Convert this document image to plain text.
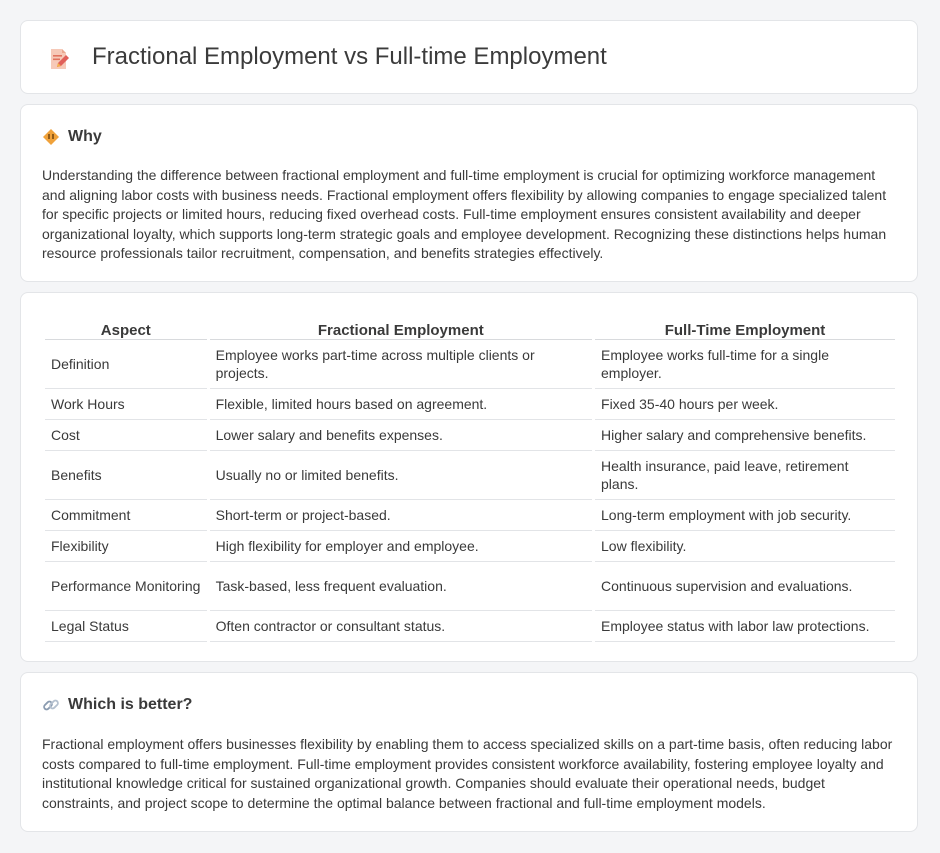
Fractional Employment vs Full-time Employment
Why

Understanding the difference between fractional employment and full-time employment is crucial for optimizing workforce management and aligning labor costs with business needs. Fractional employment offers flexibility by allowing companies to engage specialized talent for specific projects or limited hours, reducing fixed overhead costs. Full-time employment ensures consistent availability and deeper organizational loyalty, which supports long-term strategic goals and employee development. Recognizing these distinctions helps human resource professionals tailor recruitment, compensation, and benefits strategies effectively.

Aspect	Fractional Employment	Full-Time Employment
Definition	Employee works part-time across multiple clients or projects.	Employee works full-time for a single employer.
Work Hours	Flexible, limited hours based on agreement.	Fixed 35-40 hours per week.
Cost	Lower salary and benefits expenses.	Higher salary and comprehensive benefits.
Benefits	Usually no or limited benefits.	Health insurance, paid leave, retirement plans.
Commitment	Short-term or project-based.	Long-term employment with job security.
Flexibility	High flexibility for employer and employee.	Low flexibility.
Performance Monitoring	Task-based, less frequent evaluation.	Continuous supervision and evaluations.
Legal Status	Often contractor or consultant status.	Employee status with labor law protections.
Which is better?

Fractional employment offers businesses flexibility by enabling them to access specialized skills on a part-time basis, often reducing labor costs compared to full-time employment. Full-time employment provides consistent workforce availability, fostering employee loyalty and institutional knowledge critical for sustained organizational growth. Companies should evaluate their operational needs, budget constraints, and project scope to determine the optimal balance between fractional and full-time employment models.
